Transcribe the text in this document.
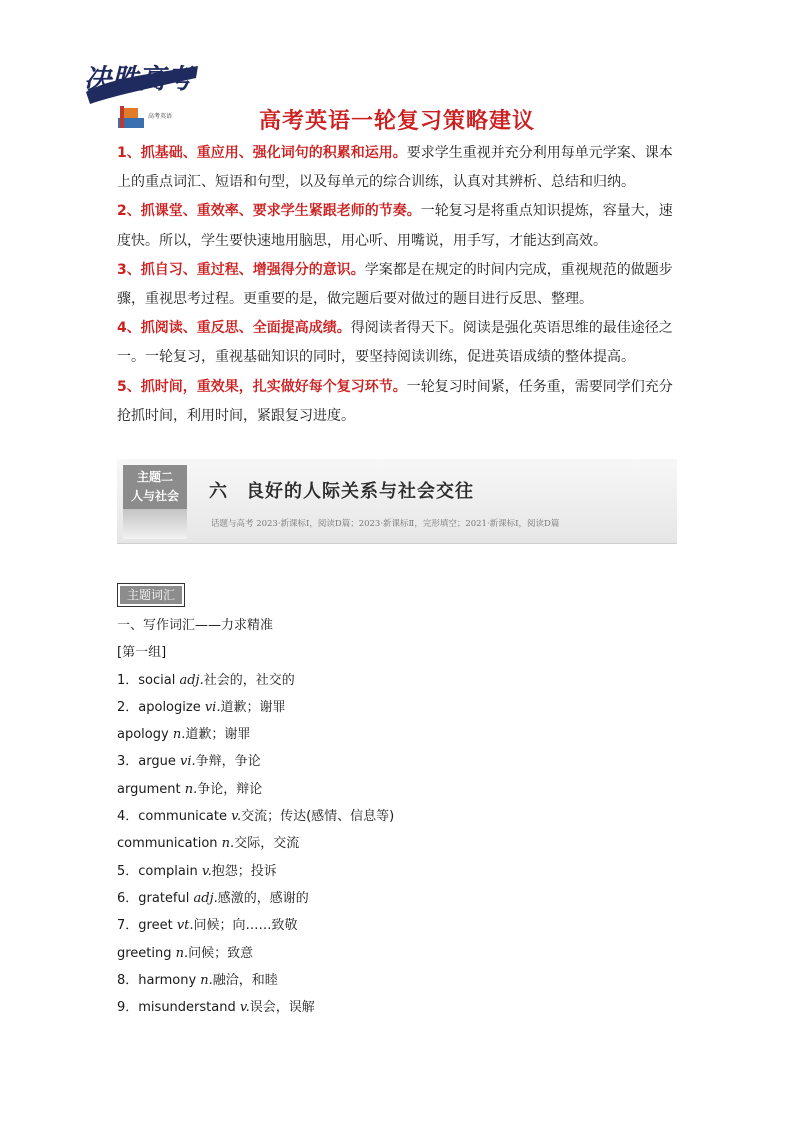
决胜高考
高考英语	高考英语一轮复习策略建议
1、抓基础、重应用、强化词句的积累和运用。要求学生重视并充分利用每单元学案、课本上的重点词汇、短语和句型，以及每单元的综合训练，认真对其辨析、总结和归纳。
2、抓课堂、重效率、要求学生紧跟老师的节奏。一轮复习是将重点知识提炼，容量大，速度快。所以，学生要快速地用脑思，用心听、用嘴说，用手写，才能达到高效。
3、抓自习、重过程、增强得分的意识。学案都是在规定的时间内完成，重视规范的做题步骤，重视思考过程。更重要的是，做完题后要对做过的题目进行反思、整理。
4、抓阅读、重反思、全面提高成绩。得阅读者得天下。阅读是强化英语思维的最佳途径之一。一轮复习，重视基础知识的同时，要坚持阅读训练，促进英语成绩的整体提高。
5、抓时间，重效果，扎实做好每个复习环节。一轮复习时间紧，任务重，需要同学们充分抢抓时间，利用时间，紧跟复习进度。
主题二
人与社会	六 良好的人际关系与社会交往
话题与高考 2023·新课标Ⅰ，阅读D篇；2023·新课标Ⅱ，完形填空；2021·新课标Ⅰ，阅读D篇
主题词汇
一、写作词汇——力求精准
[第一组]
1．social adj.社会的，社交的
2．apologize vi.道歉；谢罪
apology n.道歉；谢罪
3．argue vi.争辩，争论
argument n.争论，辩论
4．communicate v.交流；传达(感情、信息等)
communication n.交际，交流
5．complain v.抱怨；投诉
6．grateful adj.感激的，感谢的
7．greet vt.问候；向……致敬
greeting n.问候；致意
8．harmony n.融洽，和睦
9．misunderstand v.误会，误解
